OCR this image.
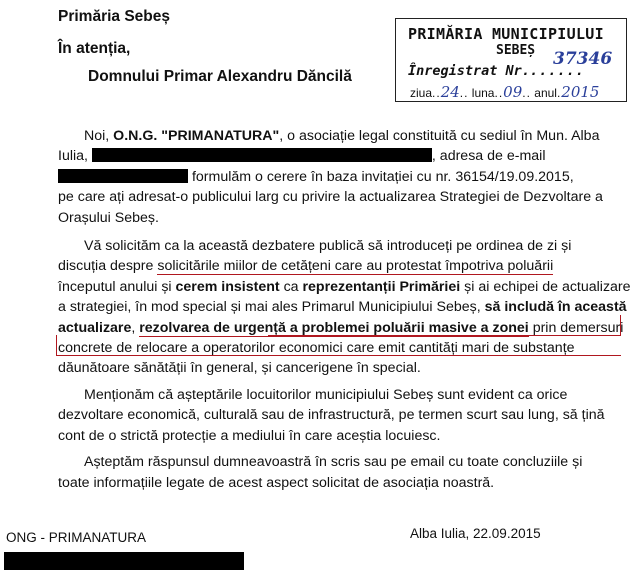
Primăria Sebeș
În atenția,
Domnului Primar Alexandru Dăncilă
PRIMĂRIA MUNICIPIULUI
SEBEȘ
Înregistrat Nr.......
37346
ziua..24.. luna..09.. anul.2015
Noi, O.N.G. "PRIMANATURA", o asociație legal constituită cu sediul în Mun. Alba
Iulia,	, adresa de e-mail
formulăm o cerere în baza invitației cu nr. 36154/19.09.2015,
pe care ați adresat-o publicului larg cu privire la actualizarea Strategiei de Dezvoltare a
Orașului Sebeș.
Vă solicităm ca la această dezbatere publică să introduceți pe ordinea de zi și
discuția despre solicitările miilor de cetățeni care au protestat împotriva poluării
începutul anului și cerem insistent ca reprezentanții Primăriei și ai echipei de actualizare
a strategiei, în mod special și mai ales Primarul Municipiului Sebeș, să includă în această
actualizare, rezolvarea de urgență a problemei poluării masive a zonei prin demersuri
concrete de relocare a operatorilor economici care emit cantități mari de substanțe
dăunătoare sănătății în general, și cancerigene în special.
Menționăm că așteptările locuitorilor municipiului Sebeș sunt evident ca orice
dezvoltare economică, culturală sau de infrastructură, pe termen scurt sau lung, să țină
cont de o strictă protecție a mediului în care aceștia locuiesc.
Așteptăm răspunsul dumneavoastră în scris sau pe email cu toate concluziile și
toate informațiile legate de acest aspect solicitat de asociația noastră.
ONG - PRIMANATURA	Alba Iulia, 22.09.2015
